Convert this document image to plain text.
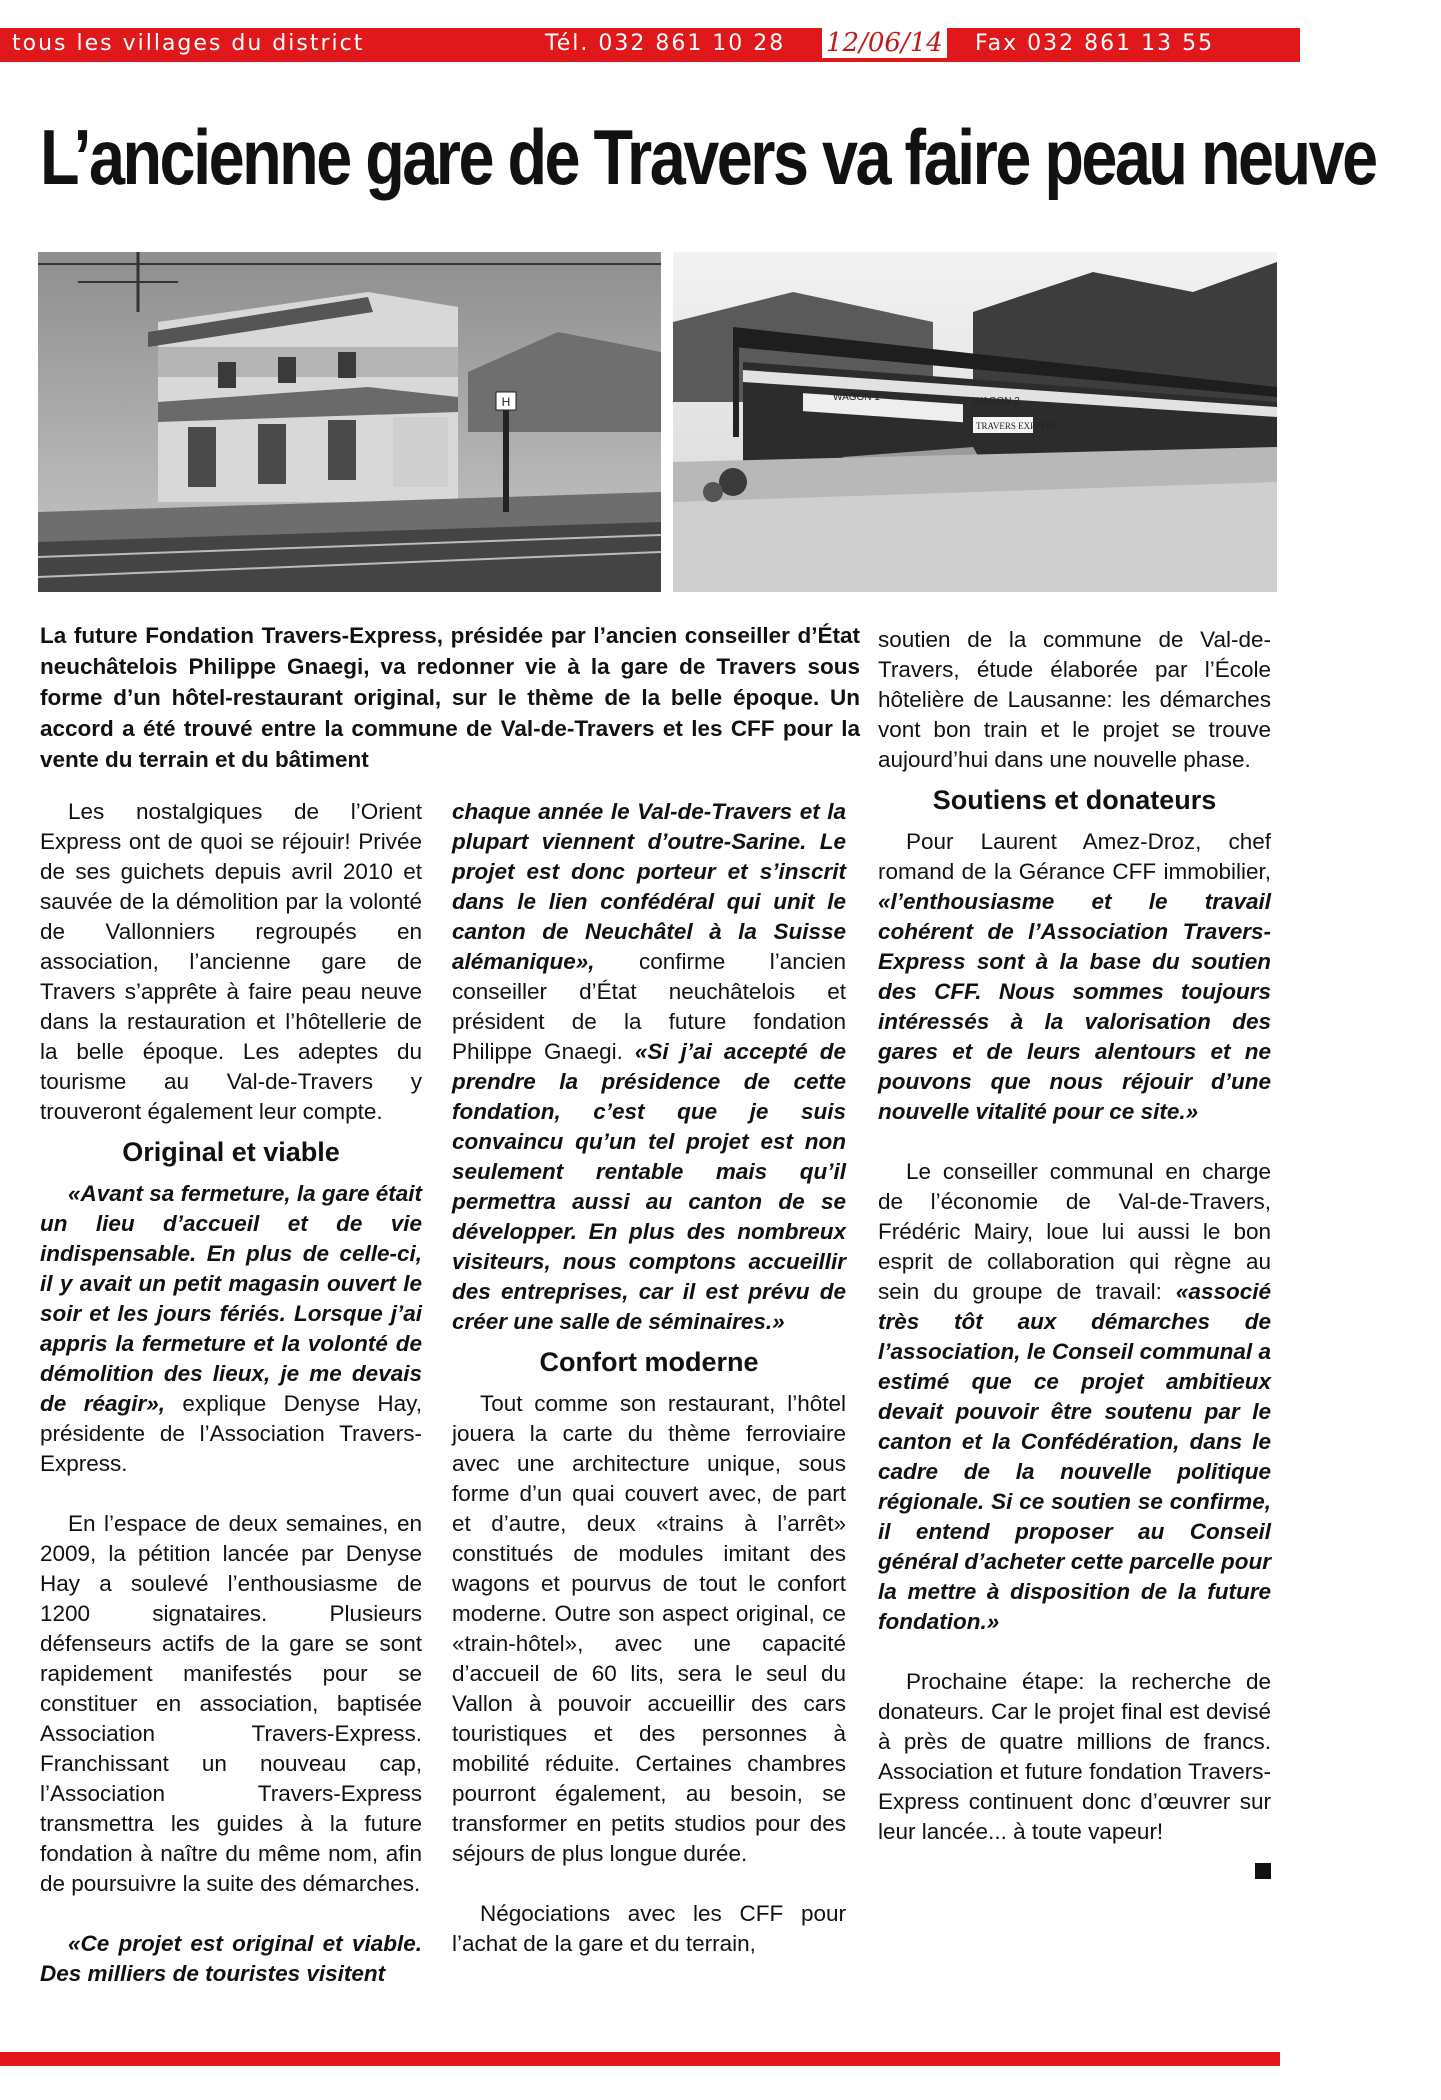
tous les villages du district	Tél. 032 861 10 28 12/06/14 Fax 032 861 13 55
L’ancienne gare de Travers va faire peau neuve
H	WAGON 1	WAGON 2
TRAVERS EXPRESS

La future Fondation Travers-Express, présidée par l’ancien conseiller d’État neuchâtelois Philippe Gnaegi, va redonner vie à la gare de Travers sous forme d’un hôtel-restaurant original, sur le thème de la belle époque. Un accord a été trouvé entre la commune de Val-de-Travers et les CFF pour la vente du terrain et du bâtiment

Les nostalgiques de l’Orient Express ont de quoi se réjouir! Privée de ses guichets depuis avril 2010 et sauvée de la démolition par la volonté de Vallonniers regroupés en association, l’ancienne gare de Travers s’apprête à faire peau neuve dans la restauration et l’hôtellerie de la belle époque. Les adeptes du tourisme au Val-de-Travers y trouveront également leur compte.

Original et viable

«Avant sa fermeture, la gare était un lieu d’accueil et de vie indispensable. En plus de celle-ci, il y avait un petit magasin ouvert le soir et les jours fériés. Lorsque j’ai appris la fermeture et la volonté de démolition des lieux, je me devais de réagir», explique Denyse Hay, présidente de l’Association Travers-Express.

En l’espace de deux semaines, en 2009, la pétition lancée par Denyse Hay a soulevé l’enthousiasme de 1200 signataires. Plusieurs défenseurs actifs de la gare se sont rapidement manifestés pour se constituer en association, baptisée Association Travers-Express. Franchissant un nouveau cap, l’Association Travers-Express transmettra les guides à la future fondation à naître du même nom, afin de poursuivre la suite des démarches.

«Ce projet est original et viable. Des milliers de touristes visitent

chaque année le Val-de-Travers et la plupart viennent d’outre-Sarine. Le projet est donc porteur et s’inscrit dans le lien confédéral qui unit le canton de Neuchâtel à la Suisse alémanique», confirme l’ancien conseiller d’État neuchâtelois et président de la future fondation Philippe Gnaegi. «Si j’ai accepté de prendre la présidence de cette fondation, c’est que je suis convaincu qu’un tel projet est non seulement rentable mais qu’il permettra aussi au canton de se développer. En plus des nombreux visiteurs, nous comptons accueillir des entreprises, car il est prévu de créer une salle de séminaires.»

Confort moderne

Tout comme son restaurant, l’hôtel jouera la carte du thème ferroviaire avec une architecture unique, sous forme d’un quai couvert avec, de part et d’autre, deux «trains à l’arrêt» constitués de modules imitant des wagons et pourvus de tout le confort moderne. Outre son aspect original, ce «train-hôtel», avec une capacité d’accueil de 60 lits, sera le seul du Vallon à pouvoir accueillir des cars touristiques et des personnes à mobilité réduite. Certaines chambres pourront également, au besoin, se transformer en petits studios pour des séjours de plus longue durée.

Négociations avec les CFF pour l’achat de la gare et du terrain,

soutien de la commune de Val-de-Travers, étude élaborée par l’École hôtelière de Lausanne: les démarches vont bon train et le projet se trouve aujourd’hui dans une nouvelle phase.

Soutiens et donateurs

Pour Laurent Amez-Droz, chef romand de la Gérance CFF immobilier, «l’enthousiasme et le travail cohérent de l’Association Travers-Express sont à la base du soutien des CFF. Nous sommes toujours intéressés à la valorisation des gares et de leurs alentours et ne pouvons que nous réjouir d’une nouvelle vitalité pour ce site.»

Le conseiller communal en charge de l’économie de Val-de-Travers, Frédéric Mairy, loue lui aussi le bon esprit de collaboration qui règne au sein du groupe de travail: «associé très tôt aux démarches de l’association, le Conseil communal a estimé que ce projet ambitieux devait pouvoir être soutenu par le canton et la Confédération, dans le cadre de la nouvelle politique régionale. Si ce soutien se confirme, il entend proposer au Conseil général d’acheter cette parcelle pour la mettre à disposition de la future fondation.»

Prochaine étape: la recherche de donateurs. Car le projet final est devisé à près de quatre millions de francs. Association et future fondation Travers-Express continuent donc d’œuvrer sur leur lancée... à toute vapeur!
